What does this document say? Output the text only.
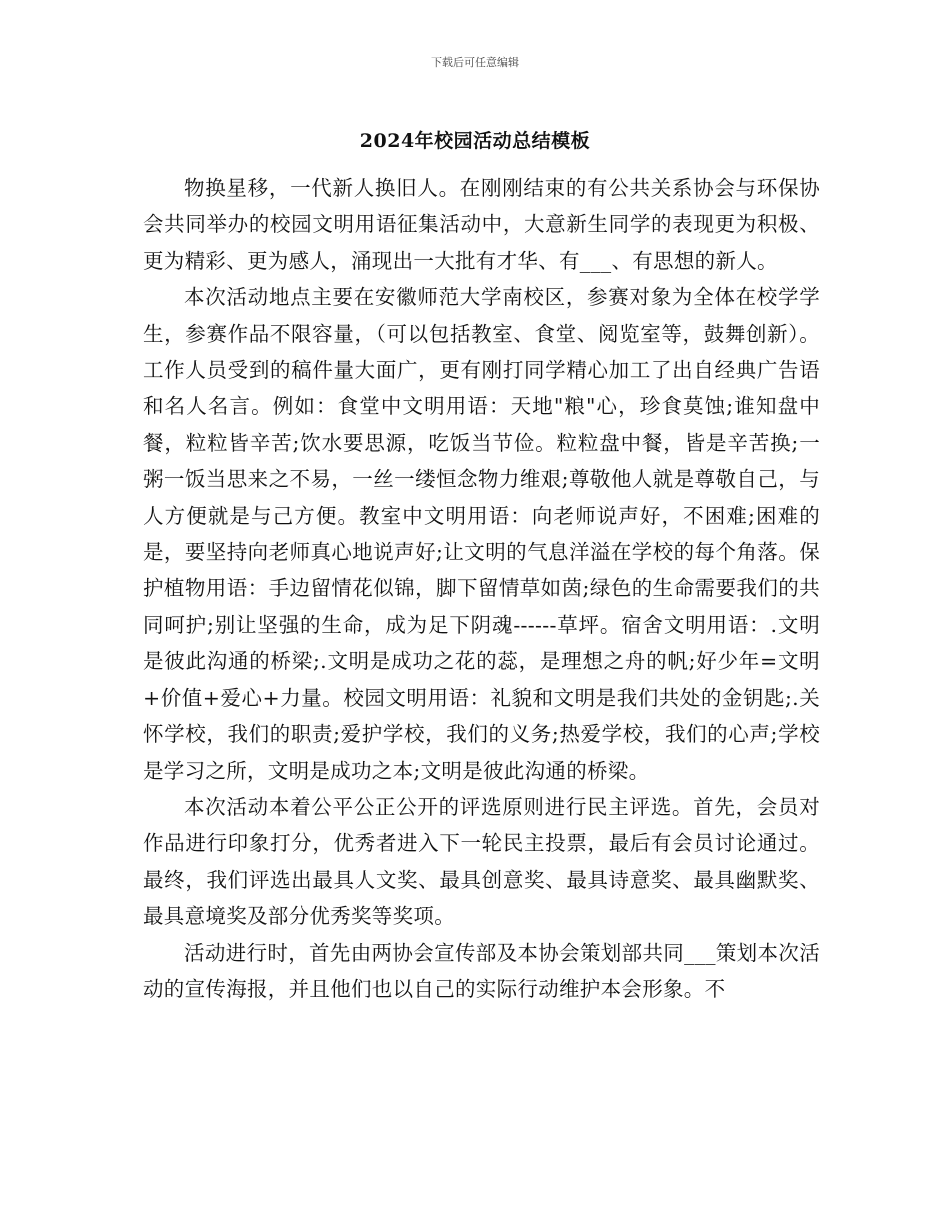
下载后可任意编辑
2024年校园活动总结模板

物换星移，一代新人换旧人。在刚刚结束的有公共关系协会与环保协会共同举办的校园文明用语征集活动中，大意新生同学的表现更为积极、更为精彩、更为感人，涌现出一大批有才华、有___、有思想的新人。

本次活动地点主要在安徽师范大学南校区，参赛对象为全体在校学学生，参赛作品不限容量，（可以包括教室、食堂、阅览室等，鼓舞创新）。工作人员受到的稿件量大面广，更有刚打同学精心加工了出自经典广告语和名人名言。例如：食堂中文明用语：天地"粮"心，珍食莫蚀;谁知盘中餐，粒粒皆辛苦;饮水要思源，吃饭当节俭。粒粒盘中餐，皆是辛苦换;一粥一饭当思来之不易，一丝一缕恒念物力维艰;尊敬他人就是尊敬自己，与人方便就是与己方便。教室中文明用语：向老师说声好，不困难;困难的是，要坚持向老师真心地说声好;让文明的气息洋溢在学校的每个角落。保护植物用语：手边留情花似锦，脚下留情草如茵;绿色的生命需要我们的共同呵护;别让坚强的生命，成为足下阴魂------草坪。宿舍文明用语：.文明是彼此沟通的桥梁;.文明是成功之花的蕊，是理想之舟的帆;好少年=文明+价值+爱心+力量。校园文明用语：礼貌和文明是我们共处的金钥匙;.关怀学校，我们的职责;爱护学校，我们的义务;热爱学校，我们的心声;学校是学习之所，文明是成功之本;文明是彼此沟通的桥梁。

本次活动本着公平公正公开的评选原则进行民主评选。首先，会员对作品进行印象打分，优秀者进入下一轮民主投票，最后有会员讨论通过。最终，我们评选出最具人文奖、最具创意奖、最具诗意奖、最具幽默奖、最具意境奖及部分优秀奖等奖项。

活动进行时，首先由两协会宣传部及本协会策划部共同___策划本次活动的宣传海报，并且他们也以自己的实际行动维护本会形象。不
